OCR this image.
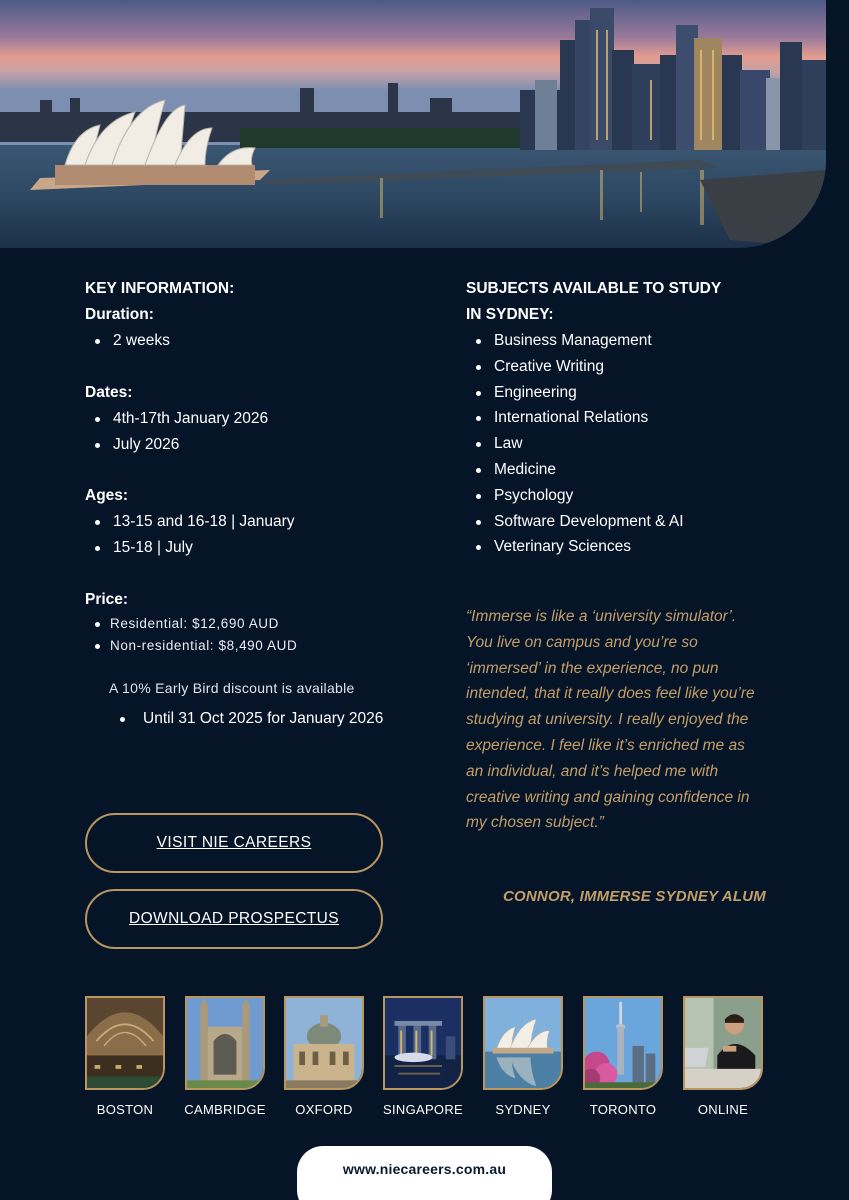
KEY INFORMATION:
Duration:
2 weeks
Dates:
4th-17th January 2026
July 2026
Ages:
13-15 and 16-18 | January
15-18 | July
Price:
Residential: $12,690 AUD
Non-residential: $8,490 AUD
A 10% Early Bird discount is available
Until 31 Oct 2025 for January 2026
SUBJECTS AVAILABLE TO STUDY
IN SYDNEY:
Business Management
Creative Writing
Engineering
International Relations
Law
Medicine
Psychology
Software Development & AI
Veterinary Sciences
“Immerse is like a ‘university simulator’. You live on campus and you’re so ‘immersed’ in the experience, no pun intended, that it really does feel like you’re studying at university. I really enjoyed the experience. I feel like it’s enriched me as an individual, and it’s helped me with creative writing and gaining confidence in my chosen subject.”
CONNOR, IMMERSE SYDNEY ALUM
VISIT NIE CAREERS
DOWNLOAD PROSPECTUS
BOSTON	CAMBRIDGE	OXFORD	SINGAPORE	SYDNEY	TORONTO	ONLINE
www.niecareers.com.au
